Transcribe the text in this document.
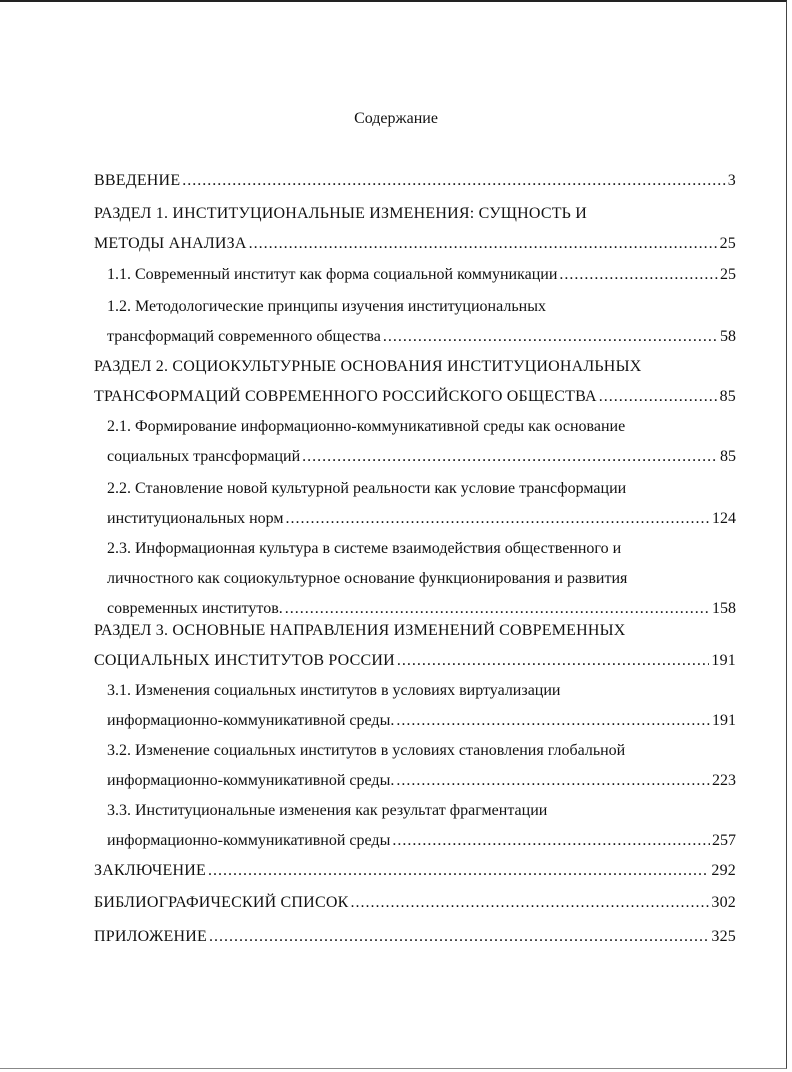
Содержание
ВВЕДЕНИЕ .....	3
РАЗДЕЛ 1. ИНСТИТУЦИОНАЛЬНЫЕ ИЗМЕНЕНИЯ: СУЩНОСТЬ И
МЕТОДЫ АНАЛИЗА .....	25
1.1. Современный институт как форма социальной коммуникации .....	25
1.2. Методологические принципы изучения институциональных
трансформаций современного общества .....	58
РАЗДЕЛ 2. СОЦИОКУЛЬТУРНЫЕ ОСНОВАНИЯ ИНСТИТУЦИОНАЛЬНЫХ
ТРАНСФОРМАЦИЙ СОВРЕМЕННОГО РОССИЙСКОГО ОБЩЕСТВА .....	85
2.1. Формирование информационно-коммуникативной среды как основание
социальных трансформаций .....	85
2.2. Становление новой культурной реальности как условие трансформации
институциональных норм .....	124
2.3. Информационная культура в системе взаимодействия общественного и
личностного как социокультурное основание функционирования и развития
современных институтов. .....	158
РАЗДЕЛ 3. ОСНОВНЫЕ НАПРАВЛЕНИЯ ИЗМЕНЕНИЙ СОВРЕМЕННЫХ
СОЦИАЛЬНЫХ ИНСТИТУТОВ РОССИИ .....	191
3.1. Изменения социальных институтов в условиях виртуализации
информационно-коммуникативной среды. .....	191
3.2. Изменение социальных институтов в условиях становления глобальной
информационно-коммуникативной среды. .....	223
3.3. Институциональные изменения как результат фрагментации
информационно-коммуникативной среды .....	257
ЗАКЛЮЧЕНИЕ .....	292
БИБЛИОГРАФИЧЕСКИЙ СПИСОК .....	302
ПРИЛОЖЕНИЕ .....	325
